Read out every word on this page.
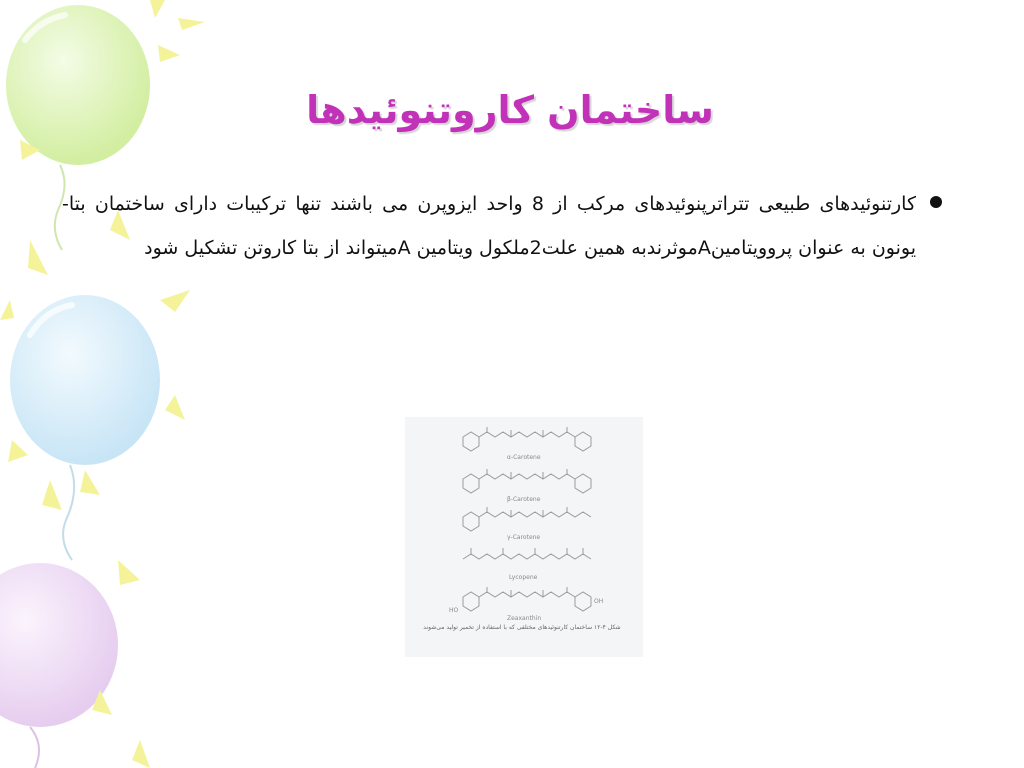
ساختمان کاروتنوئیدها
کارتنوئیدهای طبیعی تتراترپنوئیدهای مرکب از 8 واحد ایزوپرن می باشند تنها ترکیبات دارای ساختمان بتا- یونون به عنوان پروویتامینAموثرندبه همین علت2ملکول ویتامین Aمیتواند از بتا کاروتن تشکیل شود
α-Carotene
β-Carotene
γ-Carotene
Lycopene
Zeaxanthin
HO
OH
شکل ۴-۱۲ ساختمان کارتنوئیدهای مختلفی که با استفاده از تخمیر تولید می‌شوند
